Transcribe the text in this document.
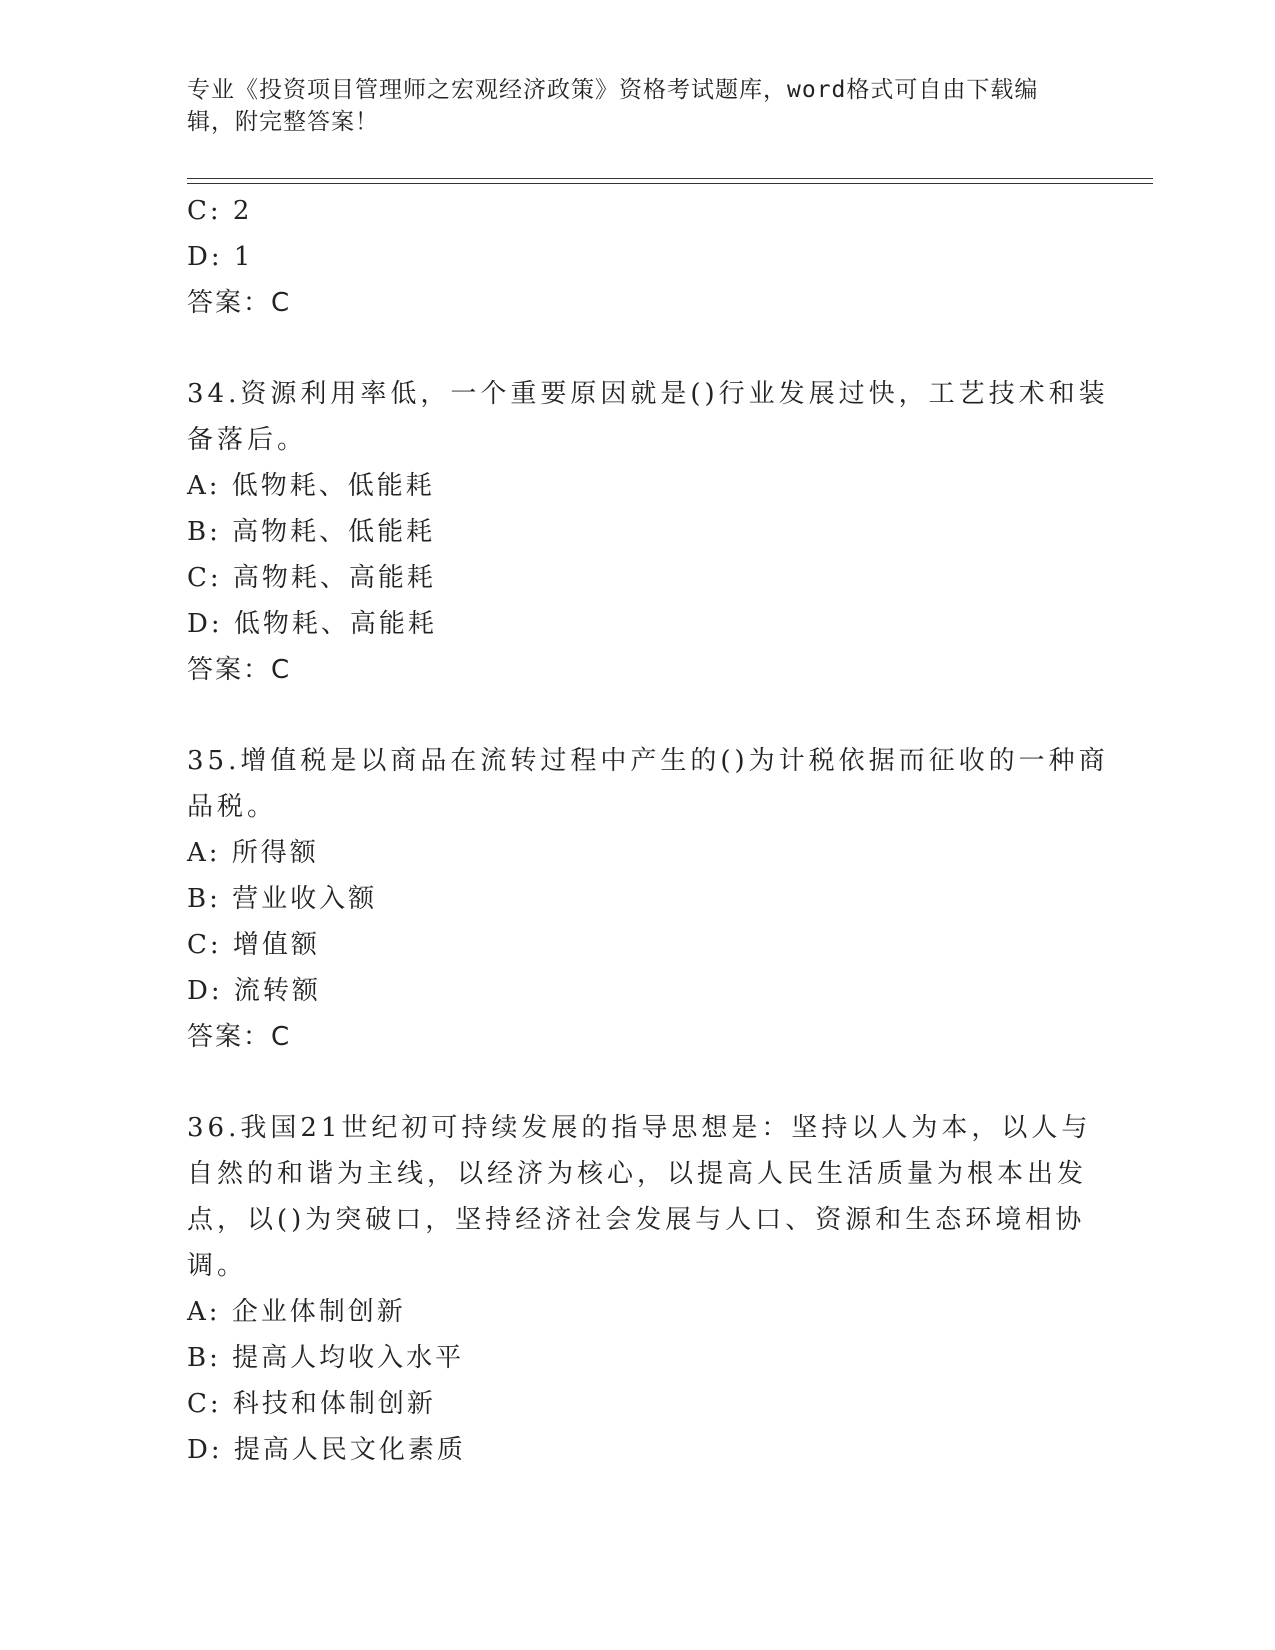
专业《投资项目管理师之宏观经济政策》资格考试题库，word格式可自由下载编
辑，附完整答案！
C: 2
D: 1
答案：C
34.资源利用率低，一个重要原因就是()行业发展过快，工艺技术和装
备落后。
A: 低物耗、低能耗
B: 高物耗、低能耗
C: 高物耗、高能耗
D: 低物耗、高能耗
答案：C
35.增值税是以商品在流转过程中产生的()为计税依据而征收的一种商
品税。
A: 所得额
B: 营业收入额
C: 增值额
D: 流转额
答案：C
36.我国21世纪初可持续发展的指导思想是：坚持以人为本，以人与
自然的和谐为主线，以经济为核心，以提高人民生活质量为根本出发
点，以()为突破口，坚持经济社会发展与人口、资源和生态环境相协
调。
A: 企业体制创新
B: 提高人均收入水平
C: 科技和体制创新
D: 提高人民文化素质
